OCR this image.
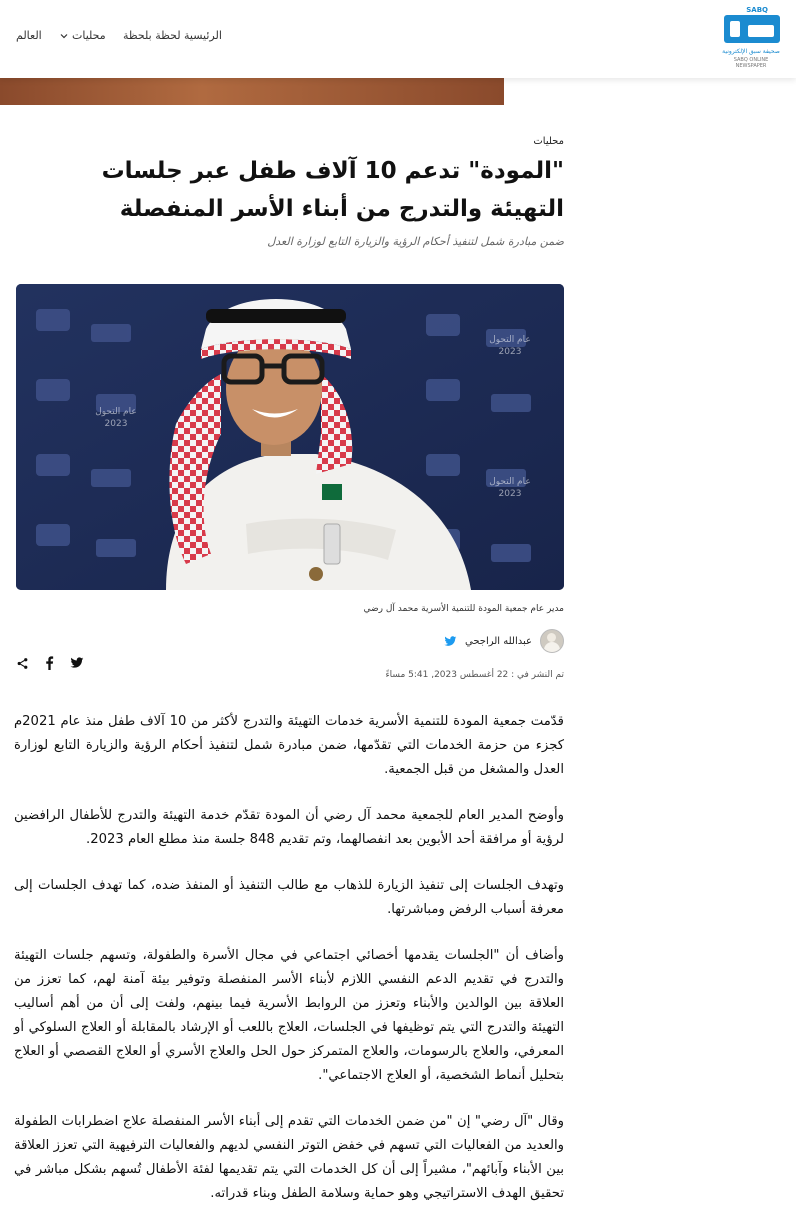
SABQ
صحيفة سبق الإلكترونية
SABQ ONLINE NEWSPAPER
الرئيسية
لحظة بلحظة
محليات
العالم
محليات
"المودة" تدعم 10 آلاف طفل عبر جلسات التهيئة والتدرج من أبناء الأسر المنفصلة
ضمن مبادرة شمل لتنفيذ أحكام الرؤية والزيارة التابع لوزارة العدل
عام التحول
2023
عام التحول
2023
عام التحول
2023
مدير عام جمعية المودة للتنمية الأسرية محمد آل رضي
عبدالله الراجحي
تم النشر في : 22 أغسطس 2023, 5:41 مساءً

قدّمت جمعية المودة للتنمية الأسرية خدمات التهيئة والتدرج لأكثر من 10 آلاف طفل منذ عام 2021م كجزء من حزمة الخدمات التي تقدّمها، ضمن مبادرة شمل لتنفيذ أحكام الرؤية والزيارة التابع لوزارة العدل والمشغل من قبل الجمعية.

وأوضح المدير العام للجمعية محمد آل رضي أن المودة تقدّم خدمة التهيئة والتدرج للأطفال الرافضين لرؤية أو مرافقة أحد الأبوين بعد انفصالهما، وتم تقديم 848 جلسة منذ مطلع العام 2023.

وتهدف الجلسات إلى تنفيذ الزيارة للذهاب مع طالب التنفيذ أو المنفذ ضده، كما تهدف الجلسات إلى معرفة أسباب الرفض ومباشرتها.

وأضاف أن "الجلسات يقدمها أخصائي اجتماعي في مجال الأسرة والطفولة، وتسهم جلسات التهيئة والتدرج في تقديم الدعم النفسي اللازم لأبناء الأسر المنفصلة وتوفير بيئة آمنة لهم، كما تعزز من العلاقة بين الوالدين والأبناء وتعزز من الروابط الأسرية فيما بينهم، ولفت إلى أن من أهم أساليب التهيئة والتدرج التي يتم توظيفها في الجلسات، العلاج باللعب أو الإرشاد بالمقابلة أو العلاج السلوكي أو المعرفي، والعلاج بالرسومات، والعلاج المتمركز حول الحل والعلاج الأسري أو العلاج القصصي أو العلاج بتحليل أنماط الشخصية، أو العلاج الاجتماعي".

وقال "آل رضي" إن "من ضمن الخدمات التي تقدم إلى أبناء الأسر المنفصلة علاج اضطرابات الطفولة والعديد من الفعاليات التي تسهم في خفض التوتر النفسي لديهم والفعاليات الترفيهية التي تعزز العلاقة بين الأبناء وآبائهم"، مشيراً إلى أن كل الخدمات التي يتم تقديمها لفئة الأطفال تُسهم بشكل مباشر في تحقيق الهدف الاستراتيجي وهو حماية وسلامة الطفل وبناء قدراته.
